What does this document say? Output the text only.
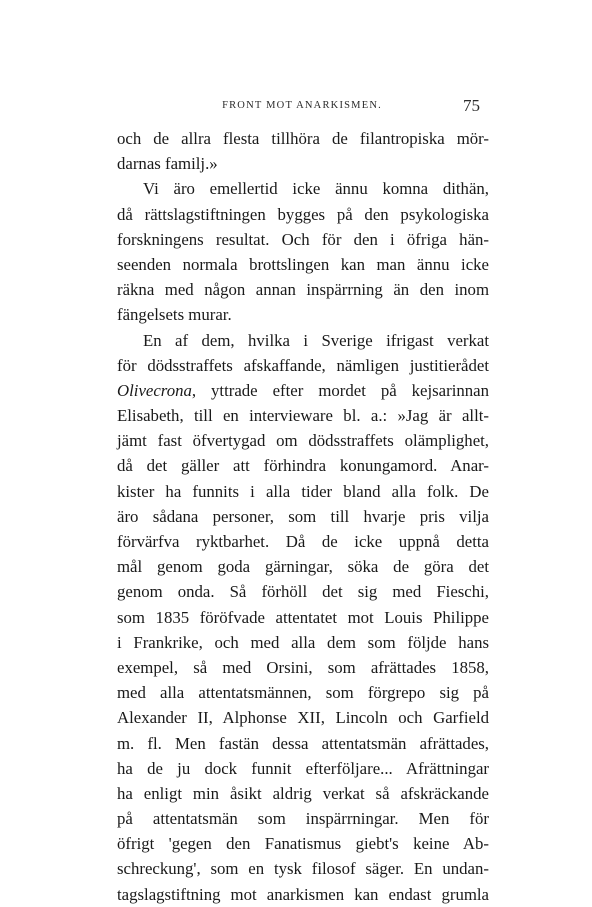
FRONT MOT ANARKISMEN.	75
och de allra flesta tillhöra de filantropiska mör-
darnas familj.»
Vi äro emellertid icke ännu komna dithän,
då rättslagstiftningen bygges på den psykologiska
forskningens resultat. Och för den i öfriga hän-
seenden normala brottslingen kan man ännu icke
räkna med någon annan inspärrning än den inom
fängelsets murar.
En af dem, hvilka i Sverige ifrigast verkat
för dödsstraffets afskaffande, nämligen justitierådet
Olivecrona, yttrade efter mordet på kejsarinnan
Elisabeth, till en intervieware bl. a.: »Jag är allt-
jämt fast öfvertygad om dödsstraffets olämplighet,
då det gäller att förhindra konungamord. Anar-
kister ha funnits i alla tider bland alla folk. De
äro sådana personer, som till hvarje pris vilja
förvärfva ryktbarhet. Då de icke uppnå detta
mål genom goda gärningar, söka de göra det
genom onda. Så förhöll det sig med Fieschi,
som 1835 föröfvade attentatet mot Louis Philippe
i Frankrike, och med alla dem som följde hans
exempel, så med Orsini, som afrättades 1858,
med alla attentatsmännen, som förgrepo sig på
Alexander II, Alphonse XII, Lincoln och Garfield
m. fl. Men fastän dessa attentatsmän afrättades,
ha de ju dock funnit efterföljare... Afrättningar
ha enligt min åsikt aldrig verkat så afskräckande
på attentatsmän som inspärrningar. Men för
öfrigt 'gegen den Fanatismus giebt's keine Ab-
schreckung', som en tysk filosof säger. En undan-
tagslagstiftning mot anarkismen kan endast grumla
